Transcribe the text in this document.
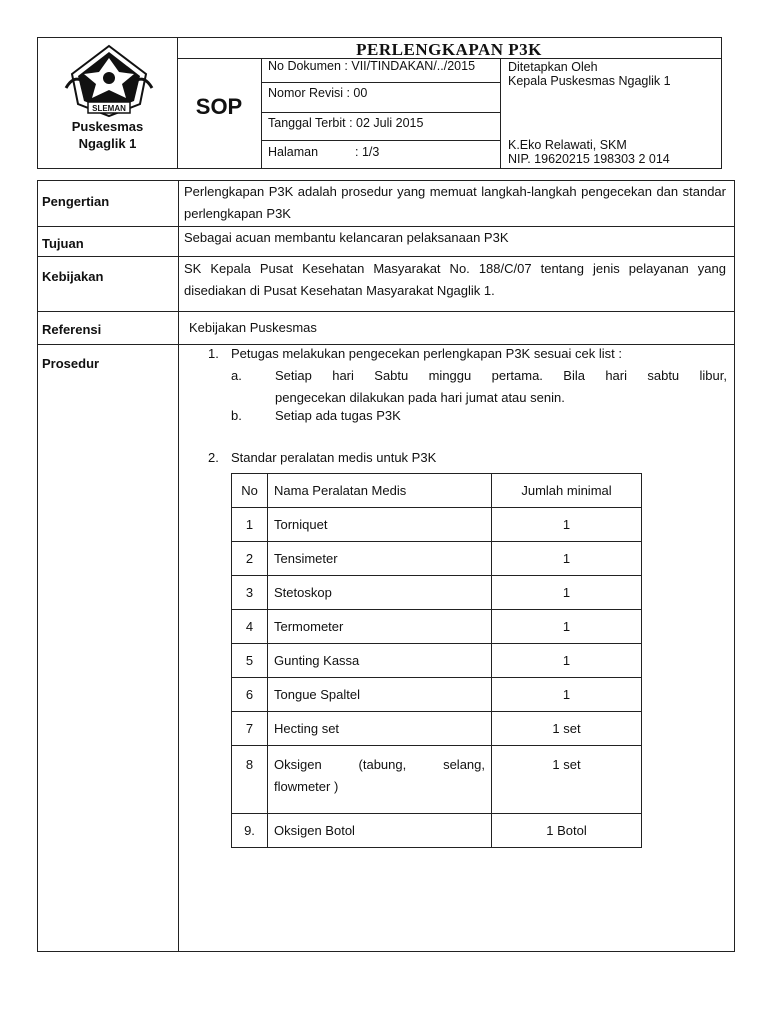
SLEMAN
Puskesmas
Ngaglik 1
PERLENGKAPAN P3K
SOP
No Dokumen : VII/TINDAKAN/../2015
Nomor Revisi : 00
Tanggal Terbit : 02 Juli 2015
Halaman	: 1/3
Ditetapkan Oleh
Kepala Puskesmas Ngaglik 1
K.Eko Relawati, SKM
NIP. 19620215 198303 2 014
Pengertian
Perlengkapan P3K adalah prosedur yang memuat langkah-langkah pengecekan dan standar perlengkapan P3K
Tujuan	Sebagai acuan membantu kelancaran pelaksanaan P3K
Kebijakan
SK Kepala Pusat Kesehatan Masyarakat No. 188/C/07 tentang jenis pelayanan yang disediakan di Pusat Kesehatan Masyarakat Ngaglik 1.
Referensi	Kebijakan Puskesmas
Prosedur
1. Petugas melakukan pengecekan perlengkapan P3K sesuai cek list :
a.	Setiap hari Sabtu minggu pertama. Bila hari sabtu libur,
pengecekan dilakukan pada hari jumat atau senin.
b.	Setiap ada tugas P3K
2. Standar peralatan medis untuk P3K
No	Nama Peralatan Medis	Jumlah minimal
1	Torniquet	1
2	Tensimeter	1
3	Stetoskop	1
4	Termometer	1
5	Gunting Kassa	1
6	Tongue Spaltel	1
7	Hecting set	1 set
8	Oksigen (tabung, selang,
flowmeter )	1 set
9.	Oksigen Botol	1 Botol
